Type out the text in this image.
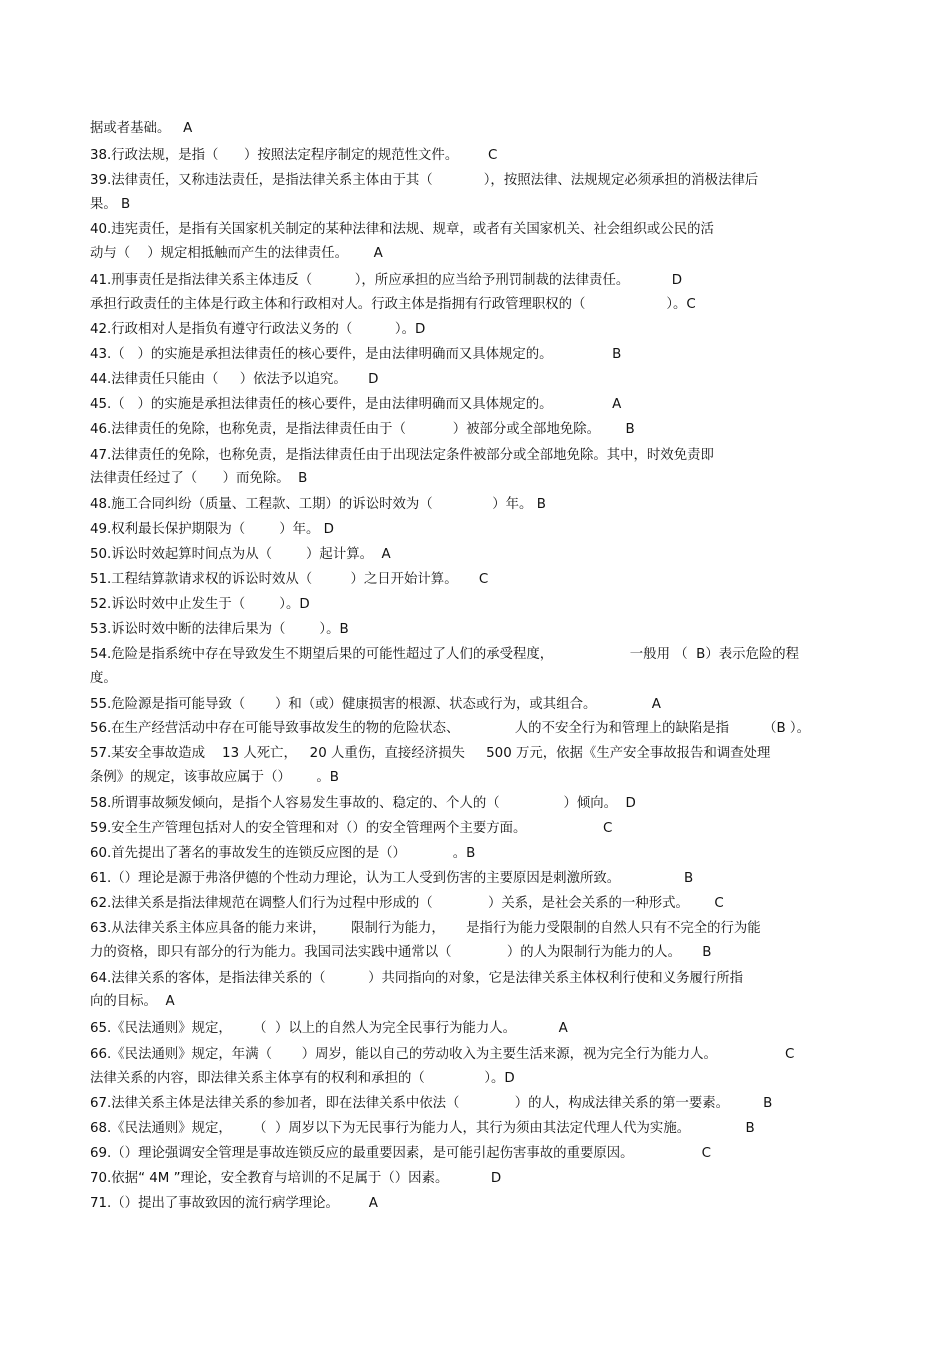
据或者基础。   A
38.行政法规，是指（      ）按照法定程序制定的规范性文件。       C
39.法律责任，又称违法责任，是指法律关系主体由于其（            ），按照法律、法规规定必须承担的消极法律后
果。 B
40.违宪责任，是指有关国家机关制定的某种法律和法规、规章，或者有关国家机关、社会组织或公民的活
动与（    ）规定相抵触而产生的法律责任。      A
41.刑事责任是指法律关系主体违反（          ），所应承担的应当给予刑罚制裁的法律责任。          D
承担行政责任的主体是行政主体和行政相对人。行政主体是指拥有行政管理职权的（                   ）。C
42.行政相对人是指负有遵守行政法义务的（          ）。D
43.（   ）的实施是承担法律责任的核心要件，是由法律明确而又具体规定的。              B
44.法律责任只能由（     ）依法予以追究。     D
45.（   ）的实施是承担法律责任的核心要件，是由法律明确而又具体规定的。              A
46.法律责任的免除，也称免责，是指法律责任由于（           ）被部分或全部地免除。      B
47.法律责任的免除，也称免责，是指法律责任由于出现法定条件被部分或全部地免除。其中，时效免责即
法律责任经过了（      ）而免除。  B
48.施工合同纠纷（质量、工程款、工期）的诉讼时效为（              ）年。 B
49.权利最长保护期限为（        ）年。 D
50.诉讼时效起算时间点为从（        ）起计算。  A
51.工程结算款请求权的诉讼时效从（         ）之日开始计算。     C
52.诉讼时效中止发生于（        ）。D
53.诉讼时效中断的法律后果为（        ）。B
54.危险是指系统中存在导致发生不期望后果的可能性超过了人们的承受程度，                  一般用 （  B）表示危险的程
度。
55.危险源是指可能导致（       ）和（或）健康损害的根源、状态或行为，或其组合。             A
56.在生产经营活动中存在可能导致事故发生的物的危险状态、             人的不安全行为和管理上的缺陷是指        （B ）。
57.某安全事故造成    13 人死亡，   20 人重伤，直接经济损失     500 万元，依据《生产安全事故报告和调查处理
条例》的规定，该事故应属于（）      。B
58.所谓事故频发倾向，是指个人容易发生事故的、稳定的、个人的（               ）倾向。  D
59.安全生产管理包括对人的安全管理和对（）的安全管理两个主要方面。                  C
60.首先提出了著名的事故发生的连锁反应图的是（）           。B
61.（）理论是源于弗洛伊德的个性动力理论，认为工人受到伤害的主要原因是刺激所致。               B
62.法律关系是指法律规范在调整人们行为过程中形成的（             ）关系，是社会关系的一种形式。      C
63.从法律关系主体应具备的能力来讲，      限制行为能力，     是指行为能力受限制的自然人只有不完全的行为能
力的资格，即只有部分的行为能力。我国司法实践中通常以（             ）的人为限制行为能力的人。     B
64.法律关系的客体，是指法律关系的（          ）共同指向的对象，它是法律关系主体权利行使和义务履行所指
向的目标。  A
65.《民法通则》规定，     （  ）以上的自然人为完全民事行为能力人。          A
66.《民法通则》规定，年满（       ）周岁，能以自己的劳动收入为主要生活来源，视为完全行为能力人。                C
法律关系的内容，即法律关系主体享有的权利和承担的（              ）。D
67.法律关系主体是法律关系的参加者，即在法律关系中依法（             ）的人，构成法律关系的第一要素。        B
68.《民法通则》规定，     （  ）周岁以下为无民事行为能力人，其行为须由其法定代理人代为实施。             B
69.（）理论强调安全管理是事故连锁反应的最重要因素，是可能引起伤害事故的重要原因。                C
70.依据“ 4M ”理论，安全教育与培训的不足属于（）因素。          D
71.（）提出了事故致因的流行病学理论。       A
